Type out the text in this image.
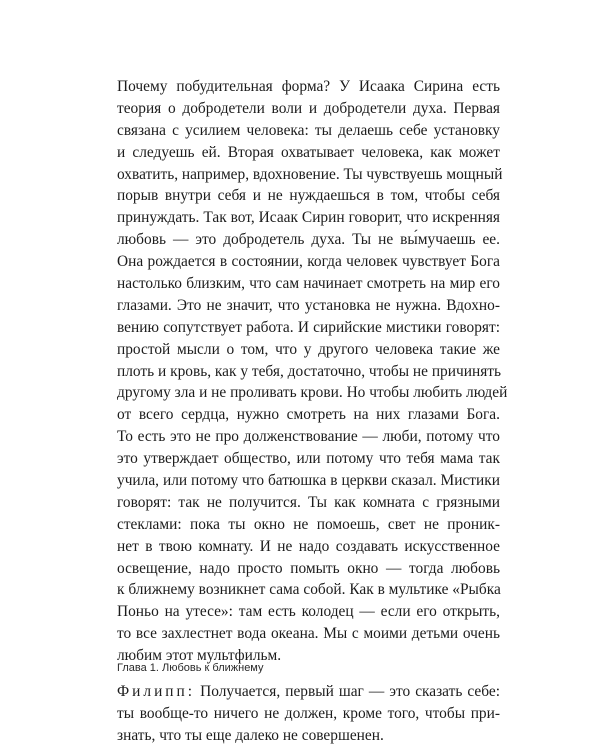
Почему побудительная форма? У Исаака Сирина есть
теория о добродетели воли и добродетели духа. Первая
связана с усилием человека: ты делаешь себе установку
и следуешь ей. Вторая охватывает человека, как может
охватить, например, вдохновение. Ты чувствуешь мощный
порыв внутри себя и не нуждаешься в том, чтобы себя
принуждать. Так вот, Исаак Сирин говорит, что искренняя
любовь — это добродетель духа. Ты не вы́мучаешь ее.
Она рождается в состоянии, когда человек чувствует Бога
настолько близким, что сам начинает смотреть на мир его
глазами. Это не значит, что установка не нужна. Вдохно-
вению сопутствует работа. И сирийские мистики говорят:
простой мысли о том, что у другого человека такие же
плоть и кровь, как у тебя, достаточно, чтобы не причинять
другому зла и не проливать крови. Но чтобы любить людей
от всего сердца, нужно смотреть на них глазами Бога.
То есть это не про долженствование — люби, потому что
это утверждает общество, или потому что тебя мама так
учила, или потому что батюшка в церкви сказал. Мистики
говорят: так не получится. Ты как комната с грязными
стеклами: пока ты окно не помоешь, свет не проник-
нет в твою комнату. И не надо создавать искусственное
освещение, надо просто помыть окно — тогда любовь
к ближнему возникнет сама собой. Как в мультике «Рыбка
Поньо на утесе»: там есть колодец — если его открыть,
то все захлестнет вода океана. Мы с моими детьми очень
любим этот мультфильм.
Филипп: Получается, первый шаг — это сказать себе:
ты вообще-то ничего не должен, кроме того, чтобы при-
знать, что ты еще далеко не совершенен.
Глава 1. Любовь к ближнему
